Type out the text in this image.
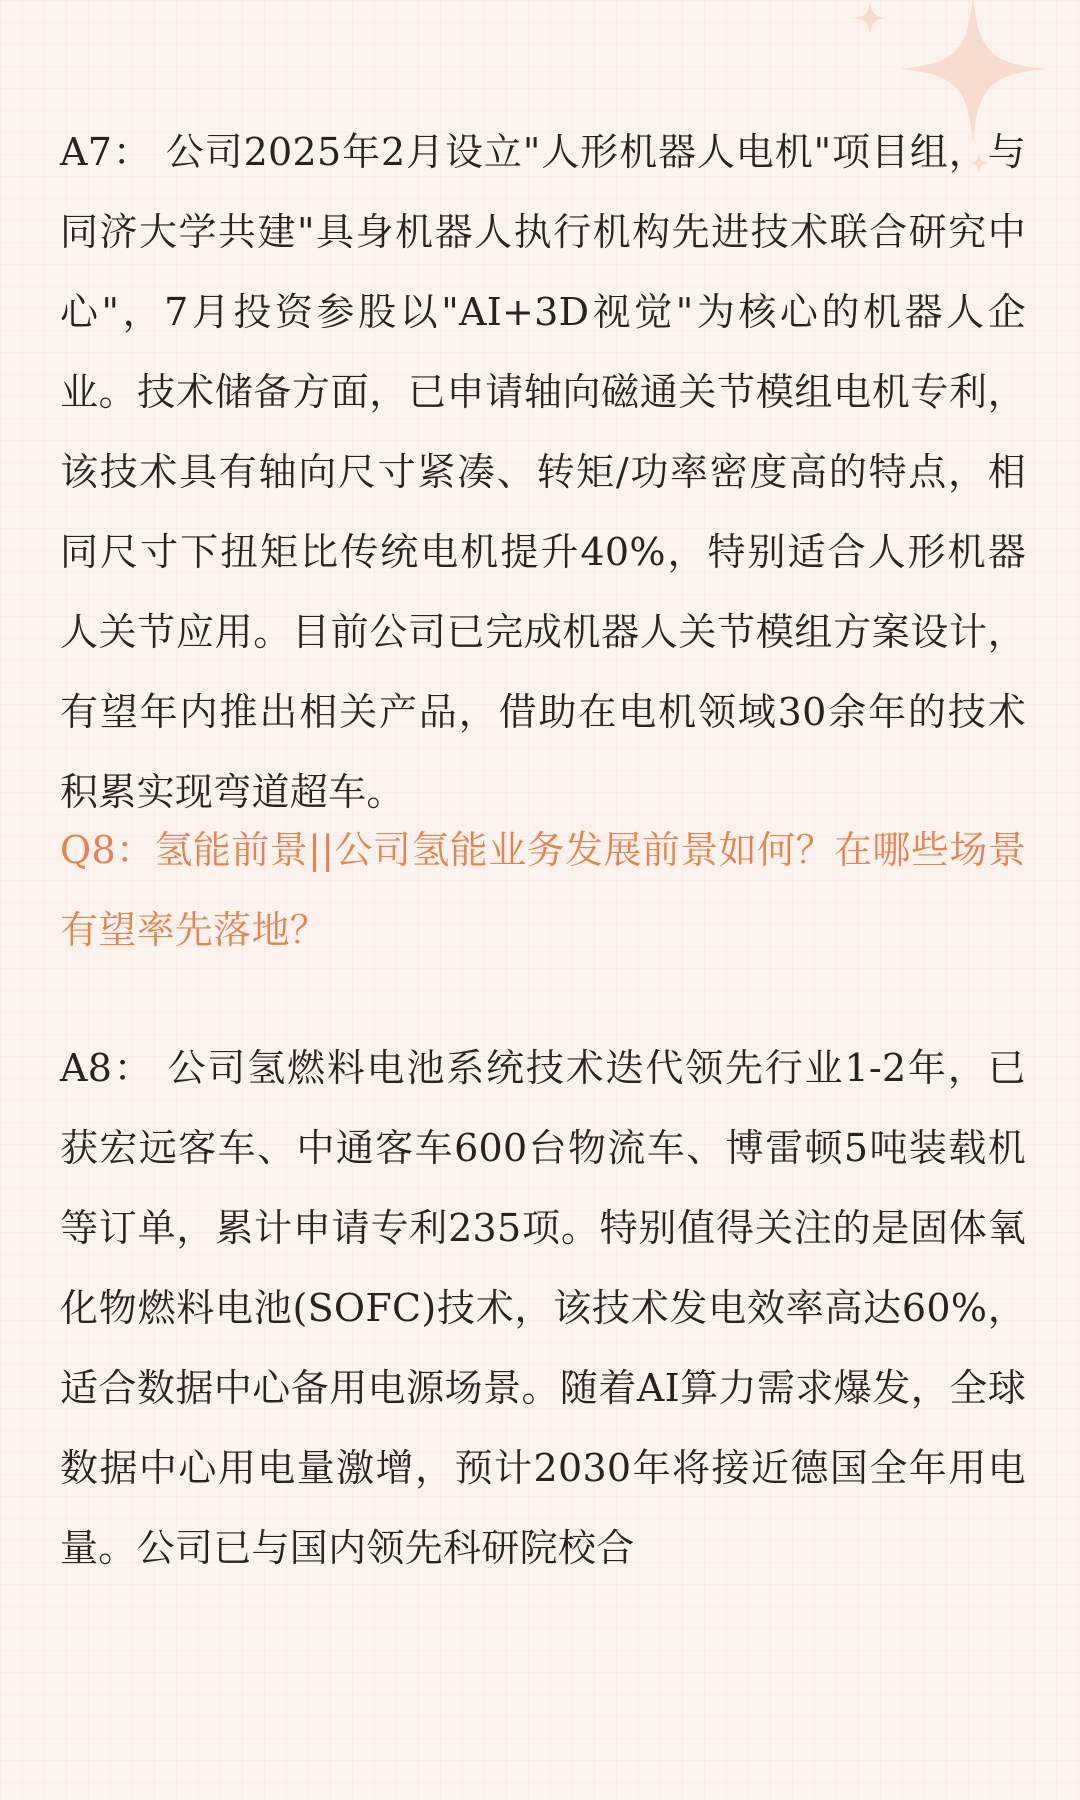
A7： 公司2025年2月设立"人形机器人电机"项目组，与同济大学共建"具身机器人执行机构先进技术联合研究中心"，7月投资参股以"AI+3D视觉"为核心的机器人企业。技术储备方面，已申请轴向磁通关节模组电机专利，该技术具有轴向尺寸紧凑、转矩/功率密度高的特点，相同尺寸下扭矩比传统电机提升40%，特别适合人形机器人关节应用。目前公司已完成机器人关节模组方案设计，有望年内推出相关产品，借助在电机领域30余年的技术积累实现弯道超车。

Q8：氢能前景||公司氢能业务发展前景如何？在哪些场景有望率先落地？

A8： 公司氢燃料电池系统技术迭代领先行业1-2年，已获宏远客车、中通客车600台物流车、博雷顿5吨装载机等订单，累计申请专利235项。特别值得关注的是固体氧化物燃料电池(SOFC)技术，该技术发电效率高达60%，适合数据中心备用电源场景。随着AI算力需求爆发，全球数据中心用电量激增，预计2030年将接近德国全年用电量。公司已与国内领先科研院校合
